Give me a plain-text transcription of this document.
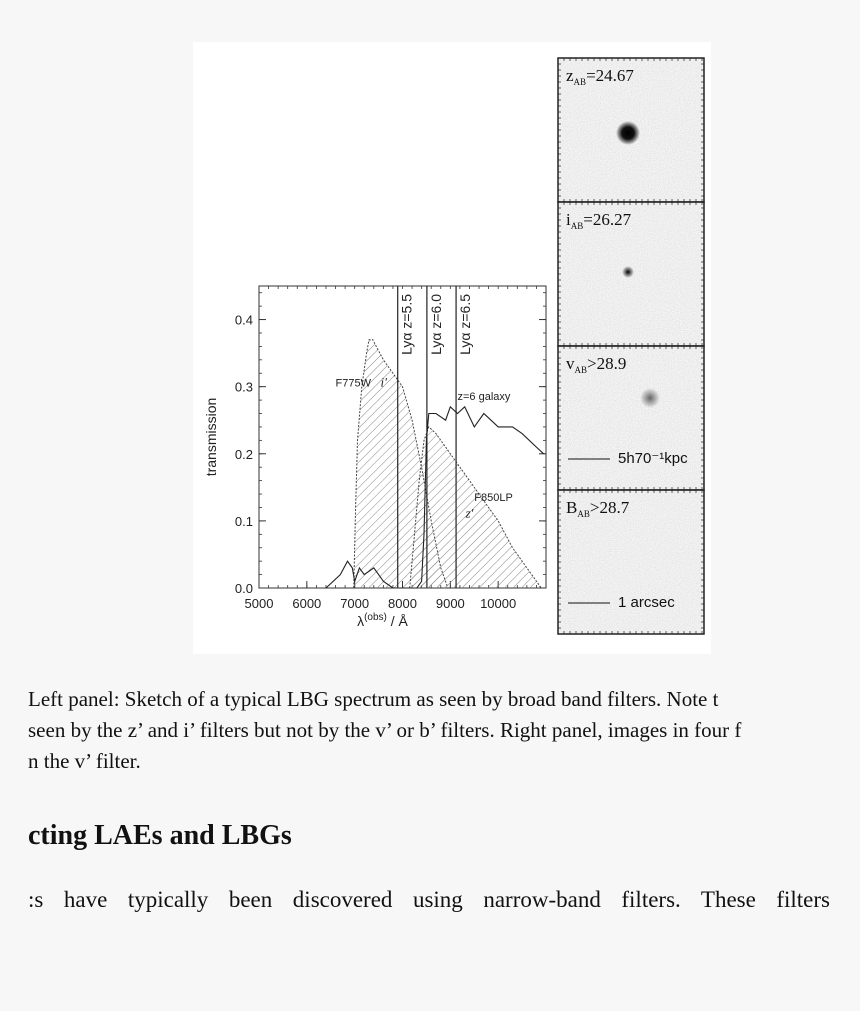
5000 6000 7000 8000 9000 10000
0.0
0.1
0.2
0.3
0.4
transmission
$\lambda^{(obs)}$ / Å
Lyα z=5.5 Lyα z=6.0 Lyα z=6.5
F775W i'
z=6 galaxy
F850LP
z'
$z_{AB}=24.67$
$i_{AB}=26.27$
$v_{AB}>28.9$
5h70⁻¹kpc
$B_{AB}>28.7$
1 arcsec
Left panel: Sketch of a typical LBG spectrum as seen by broad band filters. Note t
seen by the z’ and i’ filters but not by the v’ or b’ filters. Right panel, images in four f
n the v’ filter.
cting LAEs and LBGs
:s have typically been discovered using narrow-band filters. These filters
